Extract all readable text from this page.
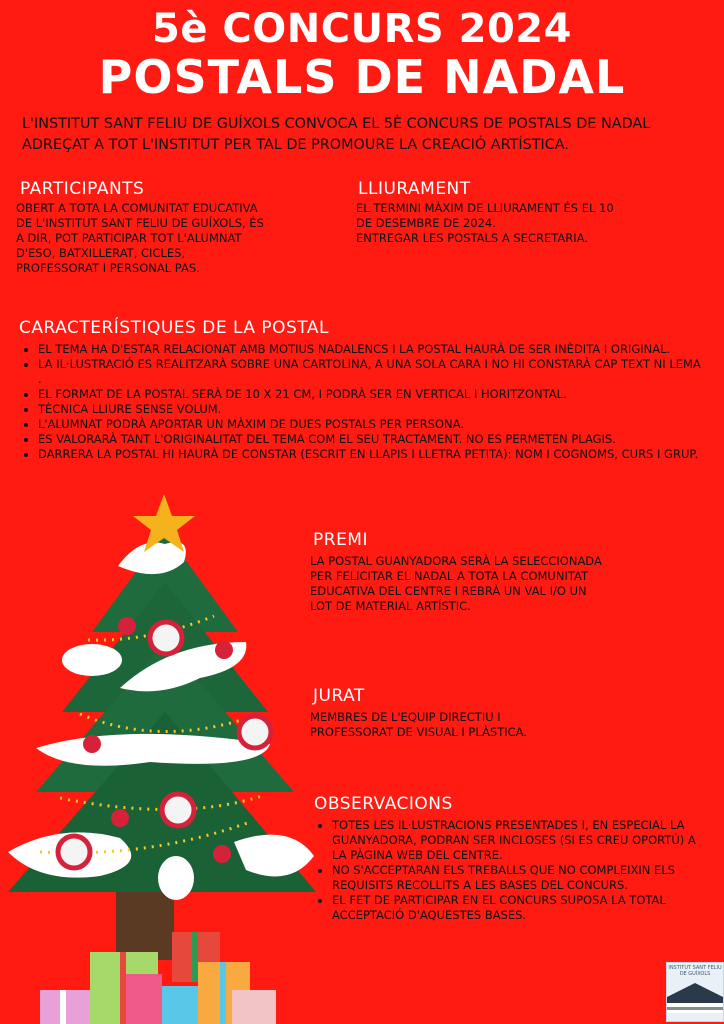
5è CONCURS 2024
POSTALS DE NADAL
L'INSTITUT SANT FELIU DE GUÍXOLS CONVOCA EL 5È CONCURS DE POSTALS DE NADAL ADREÇAT A TOT L'INSTITUT PER TAL DE PROMOURE LA CREACIÓ ARTÍSTICA.
PARTICIPANTS
OBERT A TOTA LA COMUNITAT EDUCATIVA DE L'INSTITUT SANT FELIU DE GUÍXOLS, ÉS A DIR, POT PARTICIPAR TOT L'ALUMNAT D'ESO, BATXILLERAT, CICLES, PROFESSORAT I PERSONAL PAS.
LLIURAMENT
EL TERMINI MÀXIM DE LLIURAMENT ÉS EL 10 DE DESEMBRE DE 2024.
ENTREGAR LES POSTALS A SECRETARIA.
CARACTERÍSTIQUES DE LA POSTAL
• EL TEMA HA D'ESTAR RELACIONAT AMB MOTIUS NADALENCS I LA POSTAL HAURÀ DE SER INÈDITA I ORIGINAL.
• LA IL·LUSTRACIÓ ES REALITZARÀ SOBRE UNA CARTOLINA, A UNA SOLA CARA I NO HI CONSTARÀ CAP TEXT NI LEMA .
• EL FORMAT DE LA POSTAL SERÀ DE 10 X 21 CM, I PODRÀ SER EN VERTICAL I HORITZONTAL.
• TÈCNICA LLIURE SENSE VOLUM.
• L'ALUMNAT PODRÀ APORTAR UN MÀXIM DE DUES POSTALS PER PERSONA.
• ES VALORARÀ TANT L'ORIGINALITAT DEL TEMA COM EL SEU TRACTAMENT. NO ES PERMETEN PLAGIS.
• DARRERA LA POSTAL HI HAURÀ DE CONSTAR (ESCRIT EN LLAPIS I LLETRA PETITA): NOM I COGNOMS, CURS I GRUP.
PREMI
LA POSTAL GUANYADORA SERÀ LA SELECCIONADA PER FELICITAR EL NADAL A TOTA LA COMUNITAT EDUCATIVA DEL CENTRE I REBRÀ UN VAL I/O UN LOT DE MATERIAL ARTÍSTIC.
JURAT
MEMBRES DE L'EQUIP DIRECTIU I PROFESSORAT DE VISUAL I PLÀSTICA.
OBSERVACIONS
• TOTES LES IL·LUSTRACIONS PRESENTADES I, EN ESPECIAL LA GUANYADORA, PODRAN SER INCLOSES (SI ES CREU OPORTÚ) A LA PÀGINA WEB DEL CENTRE.
• NO S'ACCEPTARAN ELS TREBALLS QUE NO COMPLEIXIN ELS REQUISITS RECOLLITS A LES BASES DEL CONCURS.
• EL FET DE PARTICIPAR EN EL CONCURS SUPOSA LA TOTAL ACCEPTACIÓ D'AQUESTES BASES.
INSTITUT SANT FELIU DE GUÍXOLS
